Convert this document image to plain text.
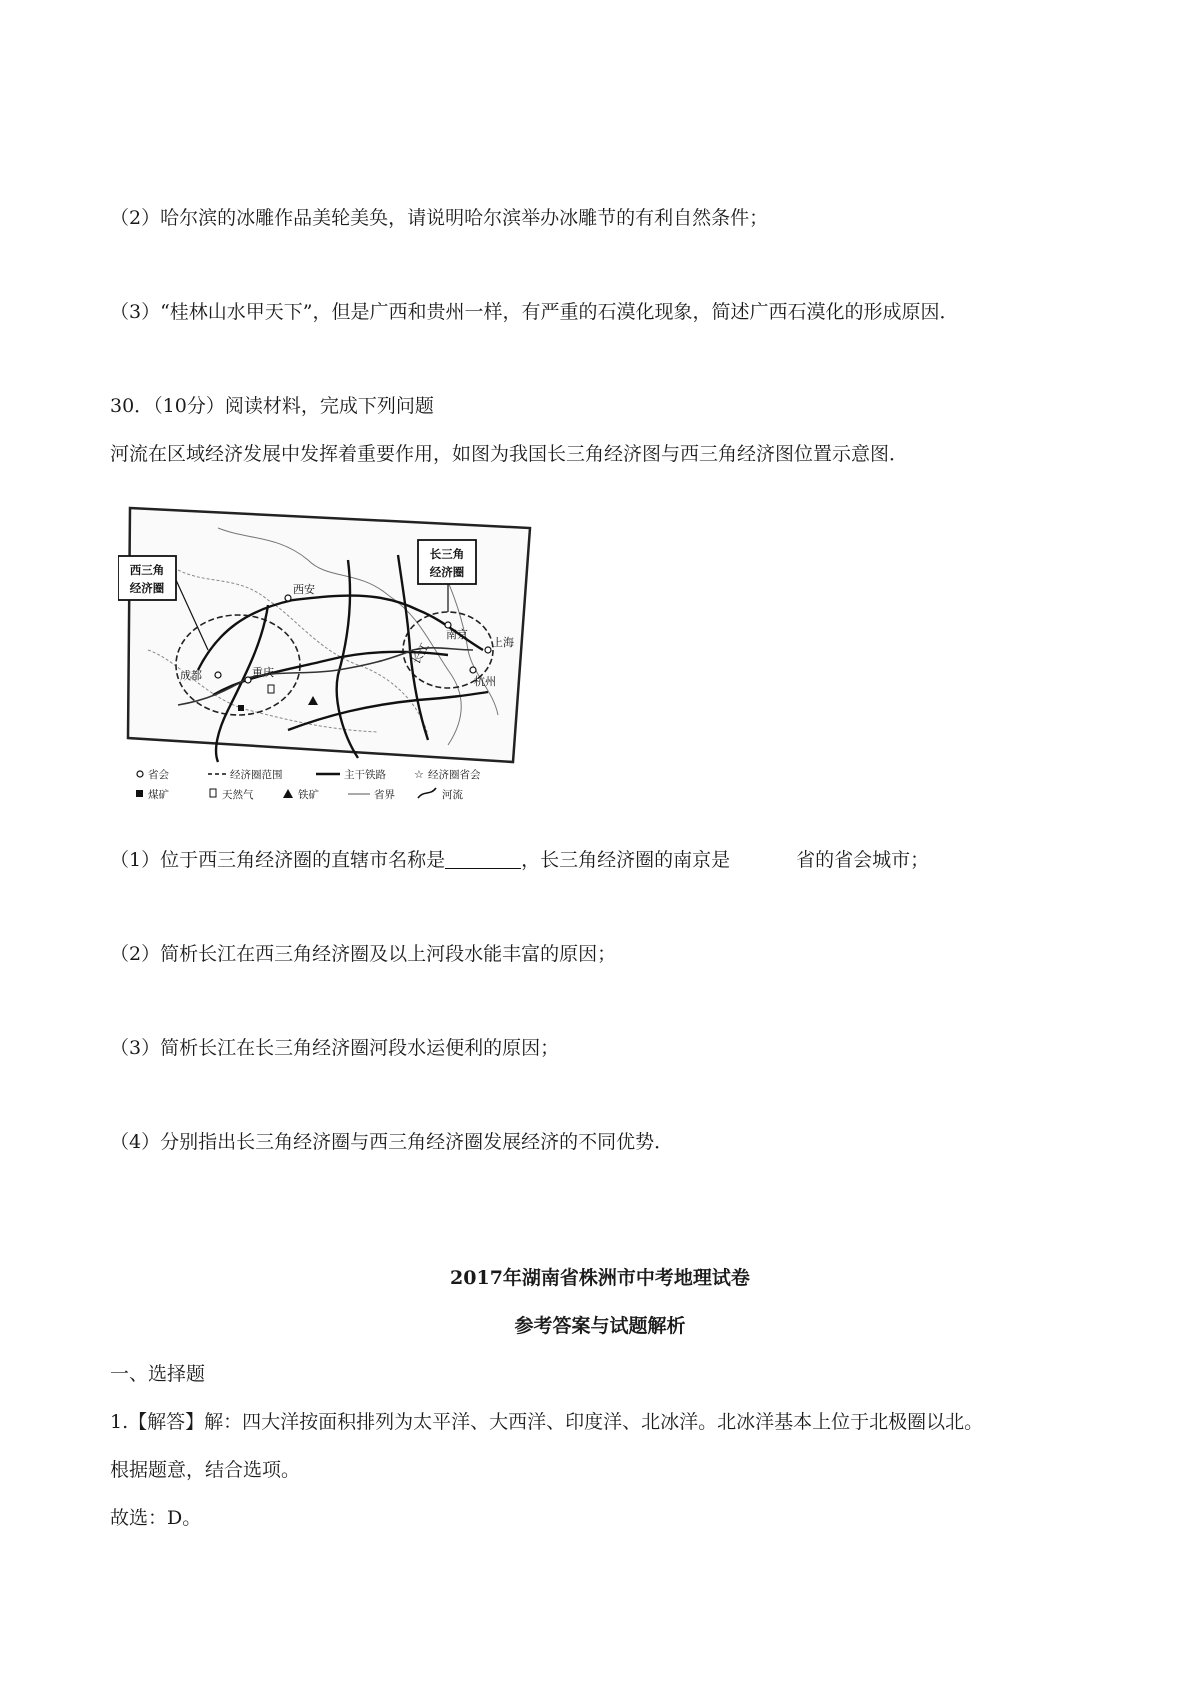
（2）哈尔滨的冰雕作品美轮美奂，请说明哈尔滨举办冰雕节的有利自然条件；
（3）“桂林山水甲天下”，但是广西和贵州一样，有严重的石漠化现象，简述广西石漠化的形成原因．
30．（10分）阅读材料，完成下列问题
河流在区域经济发展中发挥着重要作用，如图为我国长三角经济图与西三角经济图位置示意图．
西三角
经济圈
长三角
经济圈
西安
成都	重庆
南京
上海
杭州
长江
省会	经济圈范围	主干铁路	☆ 经济圈省会
煤矿	天然气	铁矿	省界	河流
（1）位于西三角经济圈的直辖市名称是	，长三角经济圈的南京是	省的省会城市；
（2）简析长江在西三角经济圈及以上河段水能丰富的原因；
（3）简析长江在长三角经济圈河段水运便利的原因；
（4）分别指出长三角经济圈与西三角经济圈发展经济的不同优势．
2017年湖南省株洲市中考地理试卷
参考答案与试题解析
一、选择题
1.【解答】解：四大洋按面积排列为太平洋、大西洋、印度洋、北冰洋。北冰洋基本上位于北极圈以北。
根据题意，结合选项。
故选：D。
